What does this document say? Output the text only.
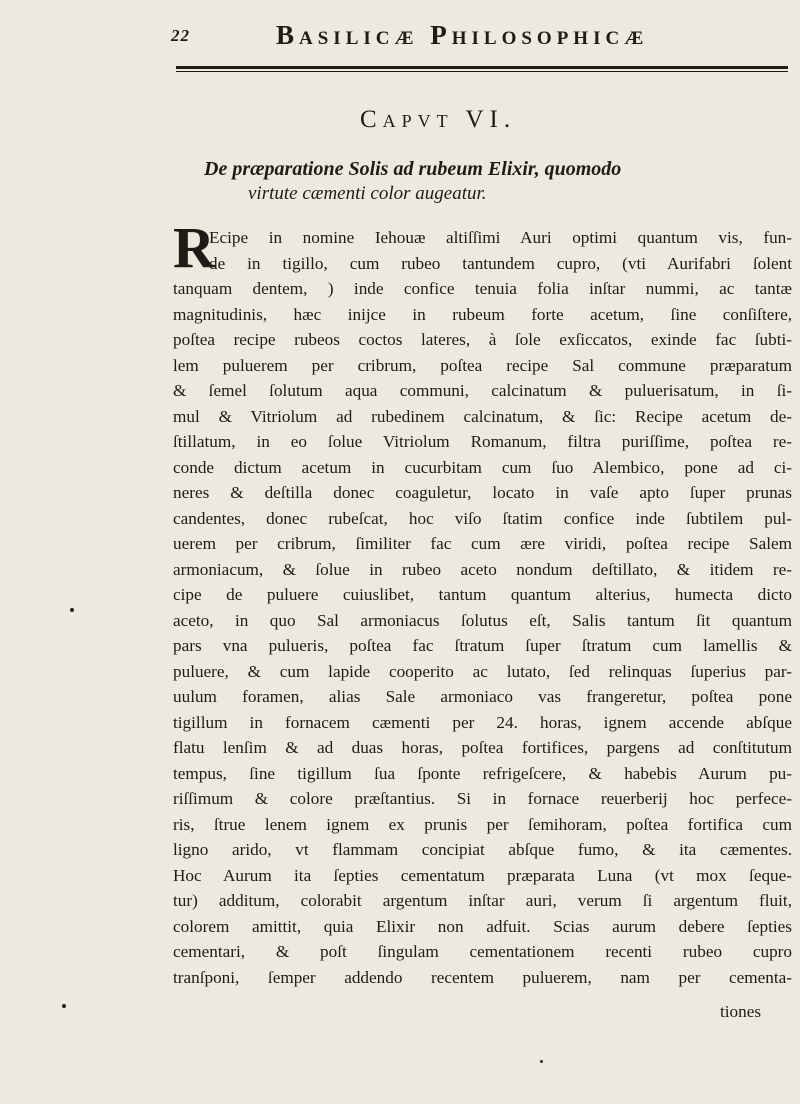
22	Basilicæ Philosophicæ
Capvt VI.
De præparatione Solis ad rubeum Elixir, quomodo
virtute cæmenti color augeatur.
R
Ecipe in nomine Iehouæ altiſſimi Auri optimi quantum vis, fun-
de in tigillo, cum rubeo tantundem cupro, (vti Aurifabri ſolent
tanquam dentem, ) inde confice tenuia folia inſtar nummi, ac tantæ
magnitudinis, hæc inijce in rubeum forte acetum, ſine conſiſtere,
poſtea recipe rubeos coctos lateres, à ſole exſiccatos, exinde fac ſubti-
lem puluerem per cribrum, poſtea recipe Sal commune præparatum
& ſemel ſolutum aqua communi, calcinatum & puluerisatum, in ſi-
mul & Vitriolum ad rubedinem calcinatum, & ſic: Recipe acetum de-
ſtillatum, in eo ſolue Vitriolum Romanum, filtra puriſſime, poſtea re-
conde dictum acetum in cucurbitam cum ſuo Alembico, pone ad ci-
neres & deſtilla donec coaguletur, locato in vaſe apto ſuper prunas
candentes, donec rubeſcat, hoc viſo ſtatim confice inde ſubtilem pul-
uerem per cribrum, ſimiliter fac cum ære viridi, poſtea recipe Salem
armoniacum, & ſolue in rubeo aceto nondum deſtillato, & itidem re-
cipe de puluere cuiuslibet, tantum quantum alterius, humecta dicto
aceto, in quo Sal armoniacus ſolutus eſt, Salis tantum ſit quantum
pars vna pulueris, poſtea fac ſtratum ſuper ſtratum cum lamellis &
puluere, & cum lapide cooperito ac lutato, ſed relinquas ſuperius par-
uulum foramen, alias Sale armoniaco vas frangeretur, poſtea pone
tigillum in fornacem cæmenti per 24. horas, ignem accende abſque
flatu lenſim & ad duas horas, poſtea fortifices, pargens ad conſtitutum
tempus, ſine tigillum ſua ſponte refrigeſcere, & habebis Aurum pu-
riſſimum & colore præſtantius. Si in fornace reuerberij hoc perfece-
ris, ſtrue lenem ignem ex prunis per ſemihoram, poſtea fortifica cum
ligno arido, vt flammam concipiat abſque fumo, & ita cæmentes.
Hoc Aurum ita ſepties cementatum præparata Luna (vt mox ſeque-
tur) additum, colorabit argentum inſtar auri, verum ſi argentum fluit,
colorem amittit, quia Elixir non adfuit. Scias aurum debere ſepties
cementari, & poſt ſingulam cementationem recenti rubeo cupro
tranſponi, ſemper addendo recentem puluerem, nam per cementa-
tiones
